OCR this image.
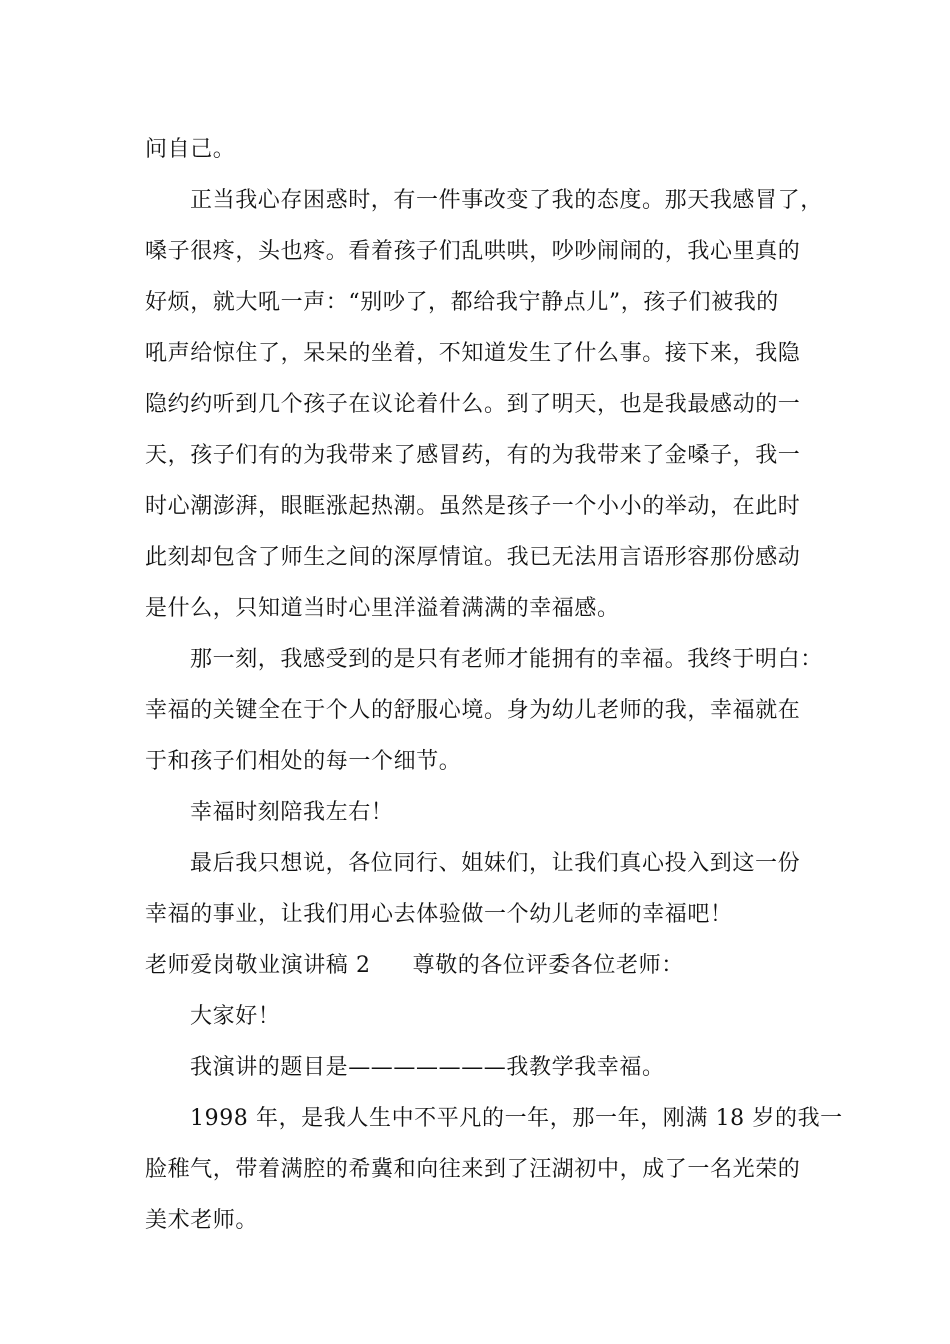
问自己。
正当我心存困惑时，有一件事改变了我的态度。那天我感冒了，
嗓子很疼，头也疼。看着孩子们乱哄哄，吵吵闹闹的，我心里真的
好烦，就大吼一声：“别吵了，都给我宁静点儿”，孩子们被我的
吼声给惊住了，呆呆的坐着，不知道发生了什么事。接下来，我隐
隐约约听到几个孩子在议论着什么。到了明天，也是我最感动的一
天，孩子们有的为我带来了感冒药，有的为我带来了金嗓子，我一
时心潮澎湃，眼眶涨起热潮。虽然是孩子一个小小的举动，在此时
此刻却包含了师生之间的深厚情谊。我已无法用言语形容那份感动
是什么，只知道当时心里洋溢着满满的幸福感。
那一刻，我感受到的是只有老师才能拥有的幸福。我终于明白：
幸福的关键全在于个人的舒服心境。身为幼儿老师的我，幸福就在
于和孩子们相处的每一个细节。
幸福时刻陪我左右！
最后我只想说，各位同行、姐妹们，让我们真心投入到这一份
幸福的事业，让我们用心去体验做一个幼儿老师的幸福吧！
老师爱岗敬业演讲稿 2 尊敬的各位评委各位老师：
大家好！
我演讲的题目是———————我教学我幸福。
1998 年，是我人生中不平凡的一年，那一年，刚满 18 岁的我一
脸稚气，带着满腔的希冀和向往来到了汪湖初中，成了一名光荣的
美术老师。
